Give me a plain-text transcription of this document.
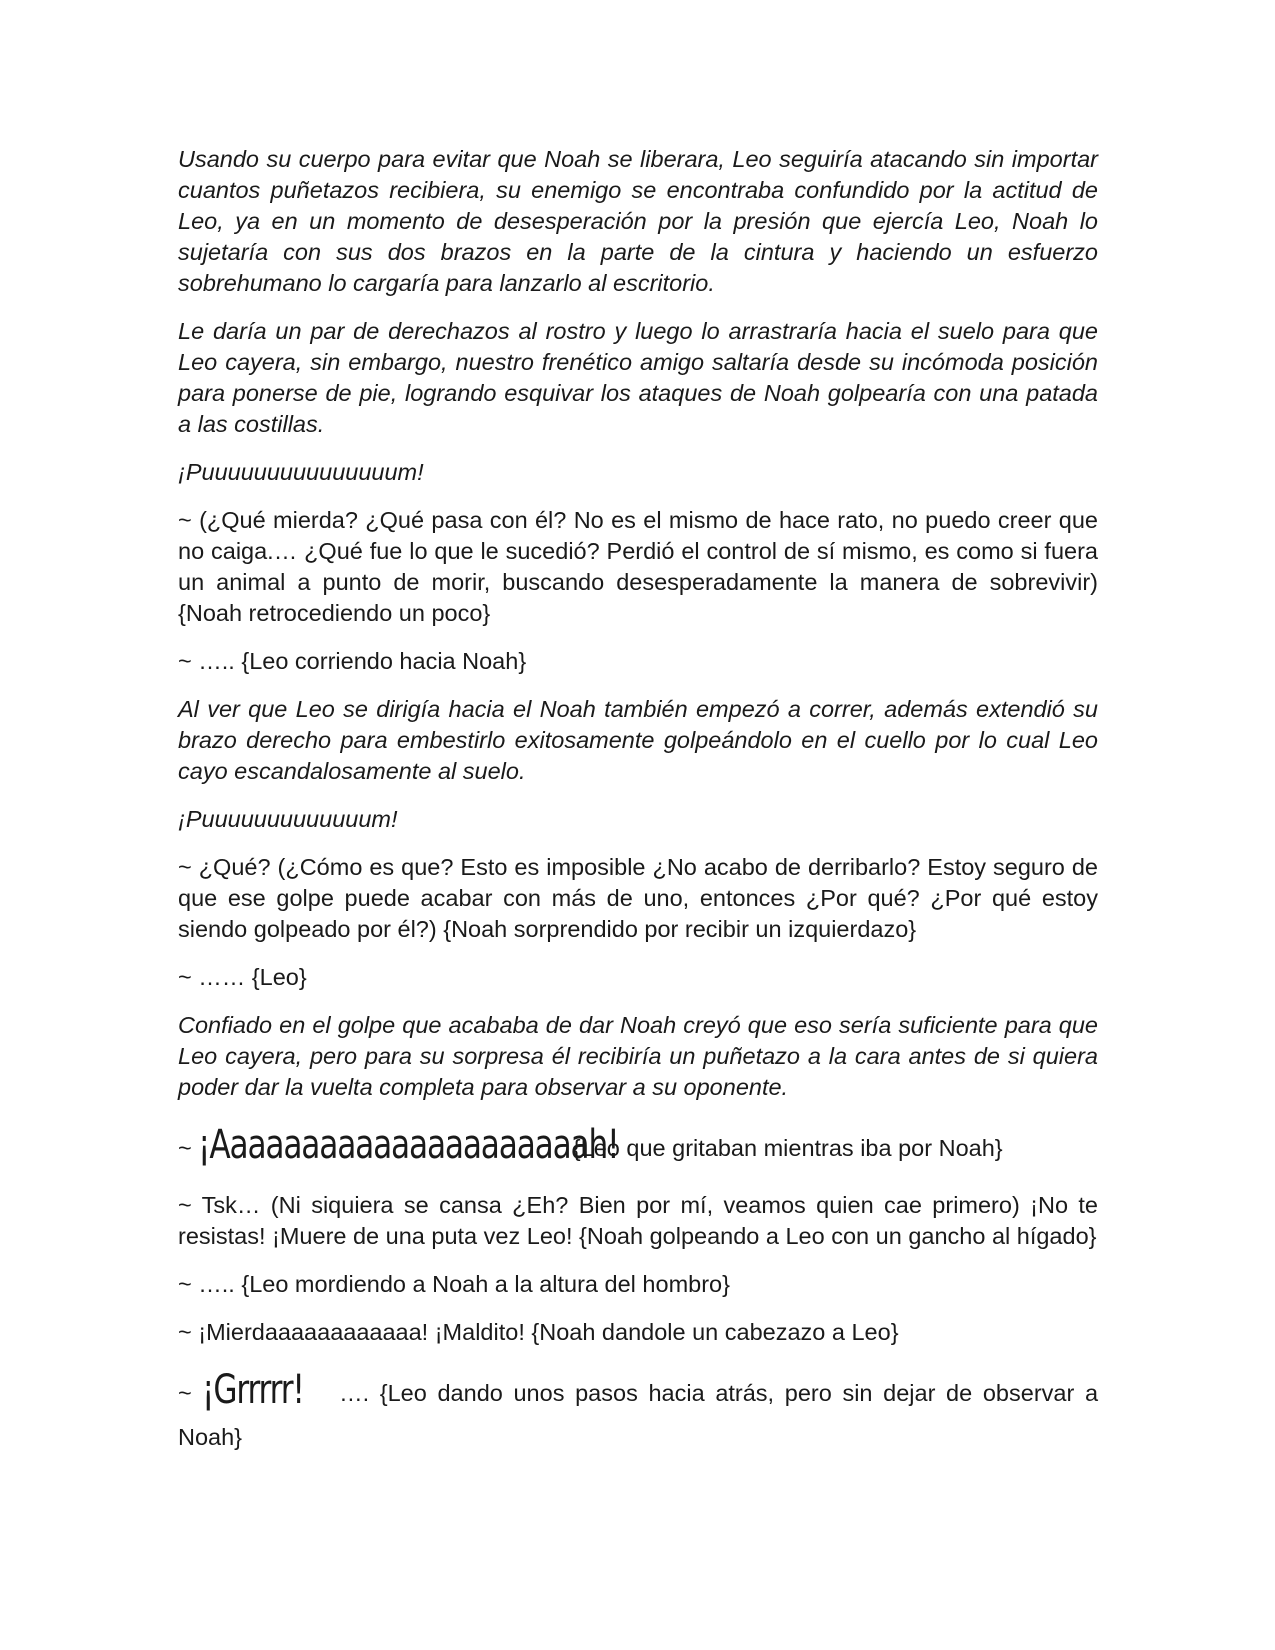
Usando su cuerpo para evitar que Noah se liberara, Leo seguiría atacando sin importar cuantos puñetazos recibiera, su enemigo se encontraba confundido por la actitud de Leo, ya en un momento de desesperación por la presión que ejercía Leo, Noah lo sujetaría con sus dos brazos en la parte de la cintura y haciendo un esfuerzo sobrehumano lo cargaría para lanzarlo al escritorio.

Le daría un par de derechazos al rostro y luego lo arrastraría hacia el suelo para que Leo cayera, sin embargo, nuestro frenético amigo saltaría desde su incómoda posición para ponerse de pie, logrando esquivar los ataques de Noah golpearía con una patada a las costillas.

¡Puuuuuuuuuuuuuuum!

~ (¿Qué mierda? ¿Qué pasa con él? No es el mismo de hace rato, no puedo creer que no caiga.… ¿Qué fue lo que le sucedió? Perdió el control de sí mismo, es como si fuera un animal a punto de morir, buscando desesperadamente la manera de sobrevivir) {Noah retrocediendo un poco}

~ ….. {Leo corriendo hacia Noah}

Al ver que Leo se dirigía hacia el Noah también empezó a correr, además extendió su brazo derecho para embestirlo exitosamente golpeándolo en el cuello por lo cual Leo cayo escandalosamente al suelo.

¡Puuuuuuuuuuuuum!

~ ¿Qué? (¿Cómo es que? Esto es imposible ¿No acabo de derribarlo? Estoy seguro de que ese golpe puede acabar con más de uno, entonces ¿Por qué? ¿Por qué estoy siendo golpeado por él?) {Noah sorprendido por recibir un izquierdazo}

~ …… {Leo}

Confiado en el golpe que acababa de dar Noah creyó que eso sería suficiente para que Leo cayera, pero para su sorpresa él recibiría un puñetazo a la cara antes de si quiera poder dar la vuelta completa para observar a su oponente.

~ ¡Aaaaaaaaaaaaaaaaaaaaah! {Leo que gritaban mientras iba por Noah}

~ Tsk… (Ni siquiera se cansa ¿Eh? Bien por mí, veamos quien cae primero) ¡No te resistas! ¡Muere de una puta vez Leo! {Noah golpeando a Leo con un gancho al hígado}

~ ….. {Leo mordiendo a Noah a la altura del hombro}

~ ¡Mierdaaaaaaaaaaaa! ¡Maldito! {Noah dandole un cabezazo a Leo}

~ ¡Grrrrr! …. {Leo dando unos pasos hacia atrás, pero sin dejar de observar a Noah}
